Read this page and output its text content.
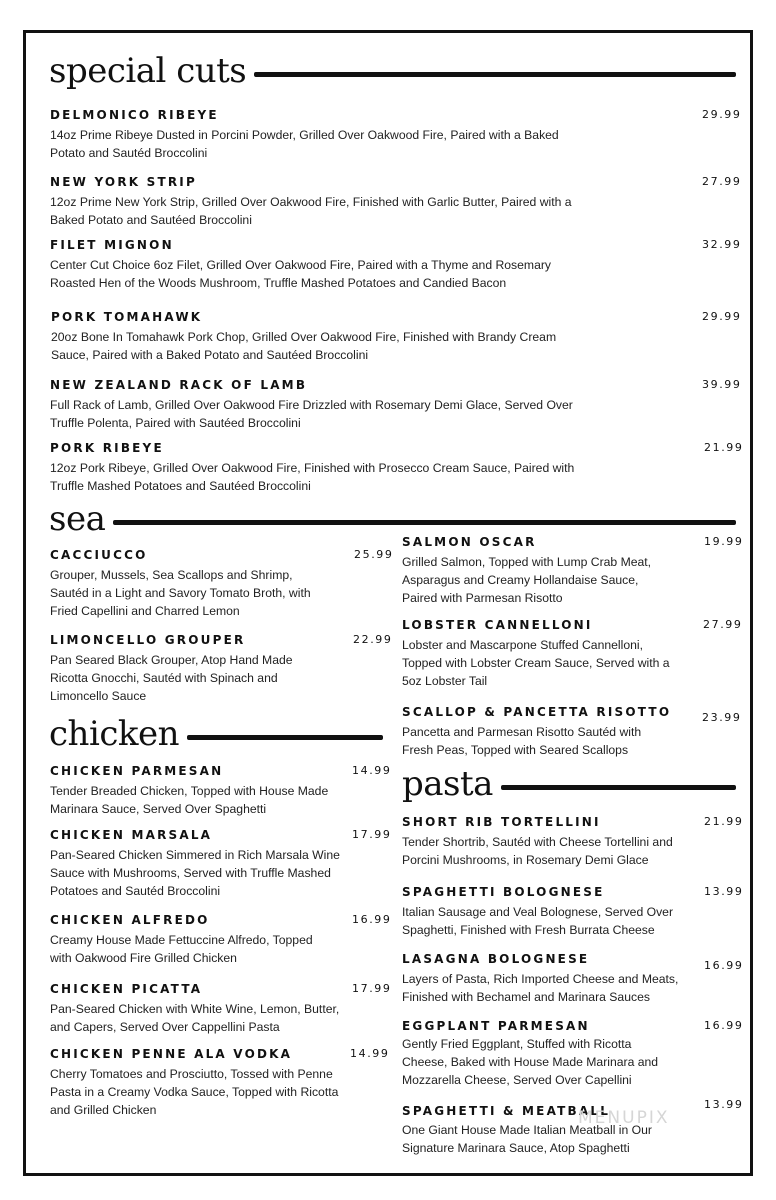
special cuts
DELMONICO RIBEYE	29.99
14oz Prime Ribeye Dusted in Porcini Powder, Grilled Over Oakwood Fire, Paired with a Baked Potato and Sautéd Broccolini
NEW YORK STRIP	27.99
12oz Prime New York Strip, Grilled Over Oakwood Fire, Finished with Garlic Butter, Paired with a Baked Potato and Sautéed Broccolini
FILET MIGNON	32.99
Center Cut Choice 6oz Filet, Grilled Over Oakwood Fire, Paired with a Thyme and Rosemary Roasted Hen of the Woods Mushroom, Truffle Mashed Potatoes and Candied Bacon
PORK TOMAHAWK	29.99
20oz Bone In Tomahawk Pork Chop, Grilled Over Oakwood Fire, Finished with Brandy Cream Sauce, Paired with a Baked Potato and Sautéed Broccolini
NEW ZEALAND RACK OF LAMB	39.99
Full Rack of Lamb, Grilled Over Oakwood Fire Drizzled with Rosemary Demi Glace, Served Over Truffle Polenta, Paired with Sautéed Broccolini
PORK RIBEYE	21.99
12oz Pork Ribeye, Grilled Over Oakwood Fire, Finished with Prosecco Cream Sauce, Paired with Truffle Mashed Potatoes and Sautéed Broccolini
sea
CACCIUCCO	25.99
Grouper, Mussels, Sea Scallops and Shrimp, Sautéd in a Light and Savory Tomato Broth, with Fried Capellini and Charred Lemon
LIMONCELLO GROUPER	22.99
Pan Seared Black Grouper, Atop Hand Made Ricotta Gnocchi, Sautéd with Spinach and Limoncello Sauce
SALMON OSCAR	19.99
Grilled Salmon, Topped with Lump Crab Meat, Asparagus and Creamy Hollandaise Sauce, Paired with Parmesan Risotto
LOBSTER CANNELLONI	27.99
Lobster and Mascarpone Stuffed Cannelloni, Topped with Lobster Cream Sauce, Served with a 5oz Lobster Tail
SCALLOP & PANCETTA RISOTTO	23.99
Pancetta and Parmesan Risotto Sautéd with Fresh Peas, Topped with Seared Scallops
chicken
CHICKEN PARMESAN	14.99
Tender Breaded Chicken, Topped with House Made Marinara Sauce, Served Over Spaghetti
CHICKEN MARSALA	17.99
Pan-Seared Chicken Simmered in Rich Marsala Wine Sauce with Mushrooms, Served with Truffle Mashed Potatoes and Sautéd Broccolini
CHICKEN ALFREDO	16.99
Creamy House Made Fettuccine Alfredo, Topped with Oakwood Fire Grilled Chicken
CHICKEN PICATTA	17.99
Pan-Seared Chicken with White Wine, Lemon, Butter, and Capers, Served Over Cappellini Pasta
CHICKEN PENNE ALA VODKA	14.99
Cherry Tomatoes and Prosciutto, Tossed with Penne Pasta in a Creamy Vodka Sauce, Topped with Ricotta and Grilled Chicken
pasta
SHORT RIB TORTELLINI	21.99
Tender Shortrib, Sautéd with Cheese Tortellini and Porcini Mushrooms, in Rosemary Demi Glace
SPAGHETTI BOLOGNESE	13.99
Italian Sausage and Veal Bolognese, Served Over Spaghetti, Finished with Fresh Burrata Cheese
LASAGNA BOLOGNESE	16.99
Layers of Pasta, Rich Imported Cheese and Meats, Finished with Bechamel and Marinara Sauces
EGGPLANT PARMESAN	16.99
Gently Fried Eggplant, Stuffed with Ricotta Cheese, Baked with House Made Marinara and Mozzarella Cheese, Served Over Capellini
SPAGHETTI & MEATBALL	13.99
One Giant House Made Italian Meatball in Our Signature Marinara Sauce, Atop Spaghetti
MENUPIX
